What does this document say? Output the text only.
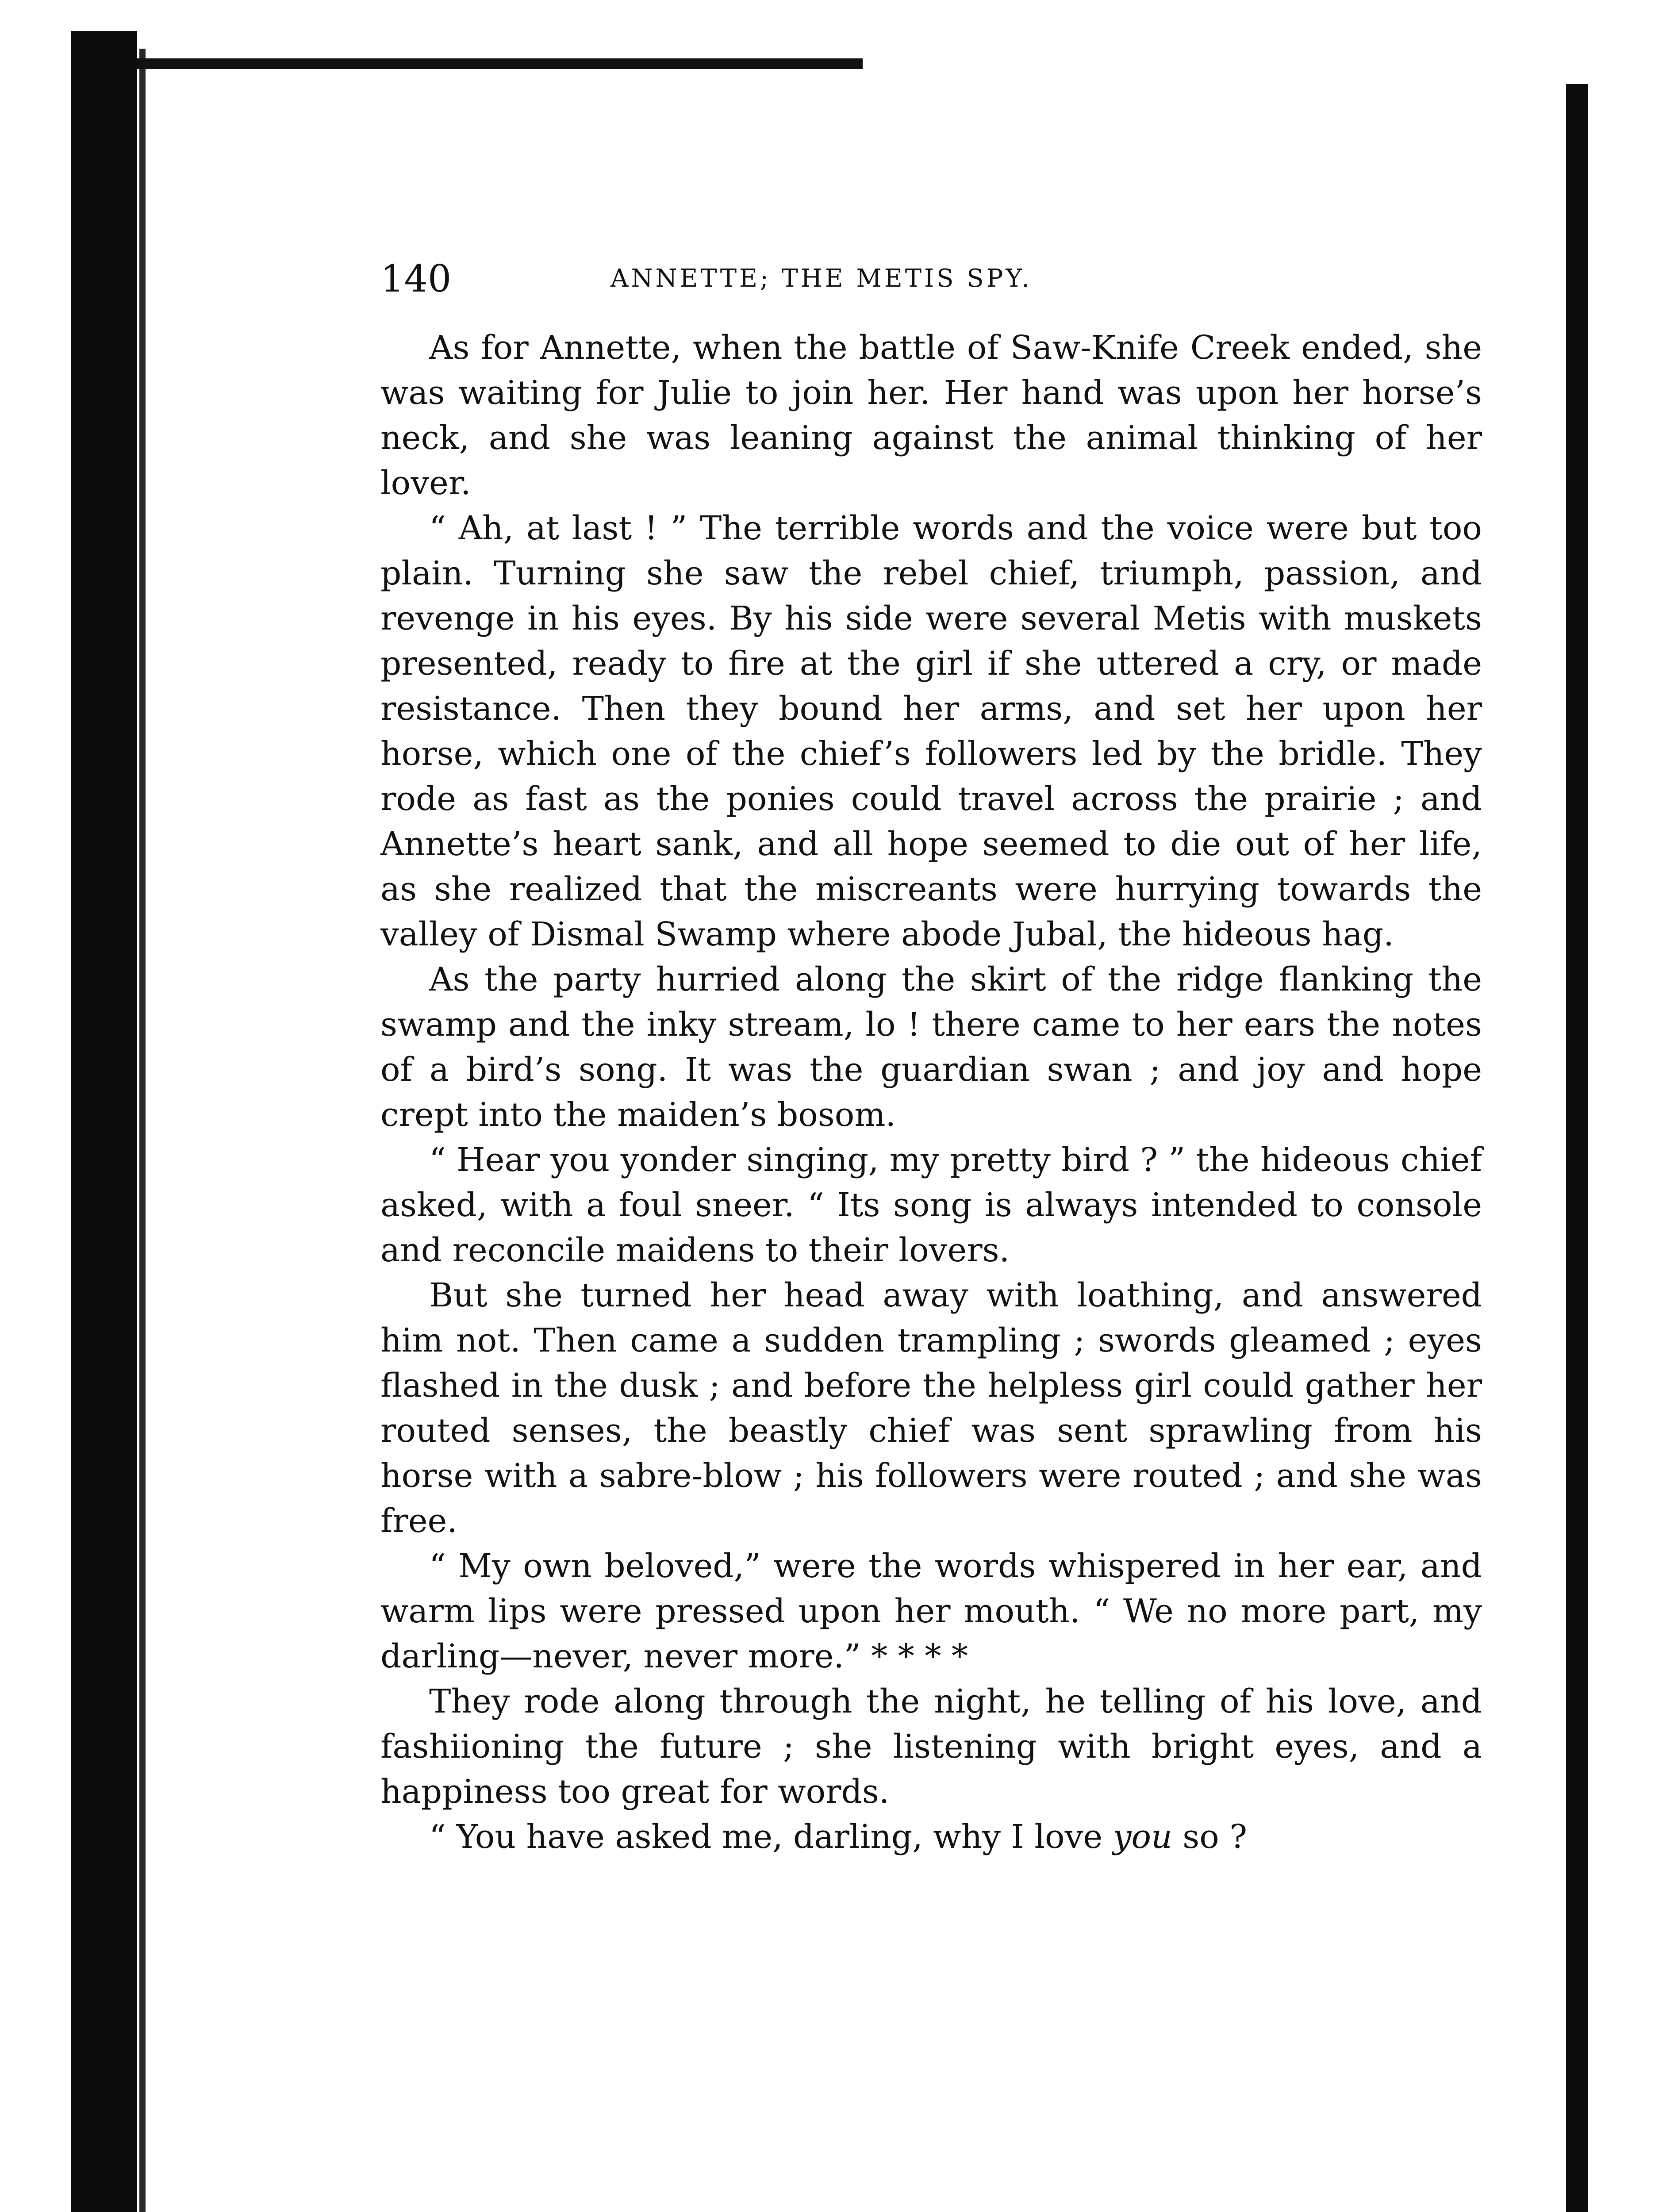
140	ANNETTE; THE METIS SPY.

As for Annette, when the battle of Saw-Knife Creek ended, she was waiting for Julie to join her. Her hand was upon her horse’s neck, and she was leaning against the animal thinking of her lover.

“ Ah, at last ! ” The terrible words and the voice were but too plain. Turning she saw the rebel chief, triumph, passion, and revenge in his eyes. By his side were several Metis with muskets presented, ready to fire at the girl if she uttered a cry, or made resistance. Then they bound her arms, and set her upon her horse, which one of the chief’s followers led by the bridle. They rode as fast as the ponies could travel across the prairie ; and Annette’s heart sank, and all hope seemed to die out of her life, as she realized that the miscreants were hurrying towards the valley of Dismal Swamp where abode Jubal, the hideous hag.

As the party hurried along the skirt of the ridge flanking the swamp and the inky stream, lo ! there came to her ears the notes of a bird’s song. It was the guardian swan ; and joy and hope crept into the maiden’s bosom.

“ Hear you yonder singing, my pretty bird ? ” the hideous chief asked, with a foul sneer. “ Its song is always intended to console and reconcile maidens to their lovers.

But she turned her head away with loathing, and answered him not. Then came a sudden trampling ; swords gleamed ; eyes flashed in the dusk ; and before the helpless girl could gather her routed senses, the beastly chief was sent sprawling from his horse with a sabre-blow ; his followers were routed ; and she was free.

“ My own beloved,” were the words whispered in her ear, and warm lips were pressed upon her mouth. “ We no more part, my darling—never, never more.” * * * *

They rode along through the night, he telling of his love, and fashiioning the future ; she listening with bright eyes, and a happiness too great for words.

“ You have asked me, darling, why I love you so ?
